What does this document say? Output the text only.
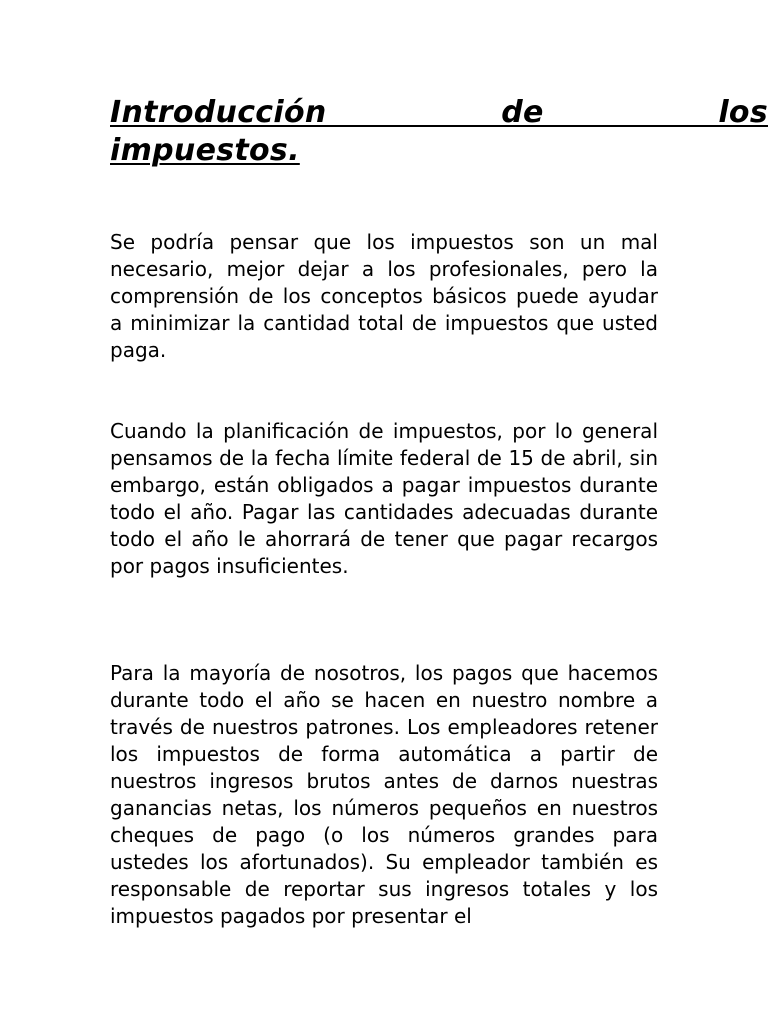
Introducción de los
impuestos.

Se podría pensar que los impuestos son un mal necesario, mejor dejar a los profesionales, pero la comprensión de los conceptos básicos puede ayudar a minimizar la cantidad total de impuestos que usted paga.

Cuando la planificación de impuestos, por lo general pensamos de la fecha límite federal de 15 de abril, sin embargo, están obligados a pagar impuestos durante todo el año. Pagar las cantidades adecuadas durante todo el año le ahorrará de tener que pagar recargos por pagos insuficientes.

Para la mayoría de nosotros, los pagos que hacemos durante todo el año se hacen en nuestro nombre a través de nuestros patrones. Los empleadores retener los impuestos de forma automática a partir de nuestros ingresos brutos antes de darnos nuestras ganancias netas, los números pequeños en nuestros cheques de pago (o los números grandes para ustedes los afortunados). Su empleador también es responsable de reportar sus ingresos totales y los impuestos pagados por presentar el
